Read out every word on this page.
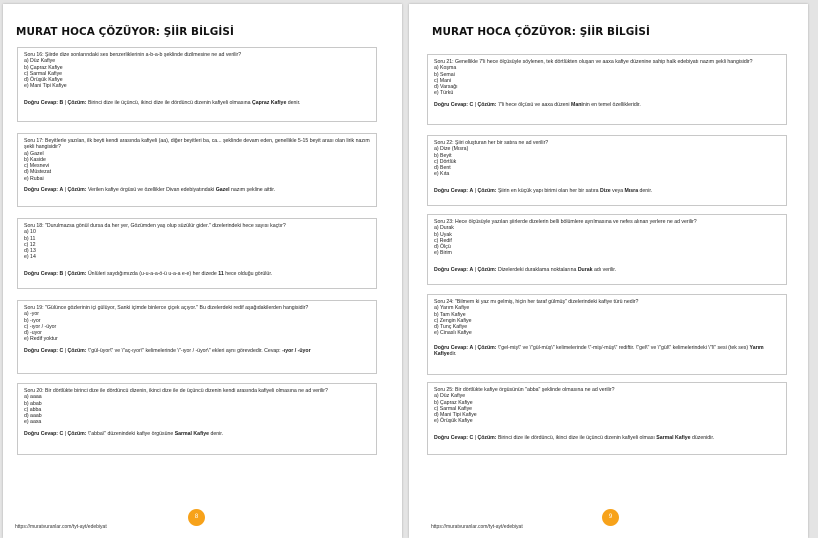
MURAT HOCA ÇÖZÜYOR: ŞİİR BİLGİSİ
Soru 16: Şiirde dize sonlarındaki ses benzerliklerinin a-b-a-b şeklinde dizilmesine ne ad verilir?
a) Düz Kafiye
b) Çapraz Kafiye
c) Sarmal Kafiye
d) Örüşük Kafiye
e) Mani Tipi Kafiye
Doğru Cevap: B | Çözüm: Birinci dize ile üçüncü, ikinci dize ile dördüncü dizenin kafiyeli olmasına Çapraz Kafiye denir.
Soru 17: Beyitlerle yazılan, ilk beyti kendi arasında kafiyeli (aa), diğer beyitleri ba, ca... şeklinde devam eden, genellikle 5-15 beyit arası olan lirik nazım şekli hangisidir?
a) Gazel
b) Kaside
c) Mesnevi
d) Müstezat
e) Rubai
Doğru Cevap: A | Çözüm: Verilen kafiye örgüsü ve özellikler Divan edebiyatındaki Gazel nazım şekline aittir.
Soru 18: "Durulmazsa gönül dursa da her yer, Gözümden yaş olup süzülür gider." dizelerindeki hece sayısı kaçtır?
a) 10
b) 11
c) 12
d) 13
e) 14
Doğru Cevap: B | Çözüm: Ünlüleri saydığımızda (u-u-a-a-ö-ü u-a-a e-e) her dizede 11 hece olduğu görülür.
Soru 19: "Gülünce gözlerinin içi gülüyor, Sanki içimde binlerce çiçek açıyor." Bu dizelerdeki redif aşağıdakilerden hangisidir?
a) -yor
b) -ıyor
c) -ıyor / -üyor
d) -uyor
e) Redif yoktur
Doğru Cevap: C | Çözüm: \"gül-üyor\" ve \"aç-ıyor\" kelimelerinde \"-ıyor / -üyor\" ekleri aynı görevdedir. Cevap: -ıyor / -üyor
Soru 20: Bir dörtlükte birinci dize ile dördüncü dizenin, ikinci dize ile de üçüncü dizenin kendi arasında kafiyeli olmasına ne ad verilir?
a) aaaa
b) abab
c) abba
d) aaab
e) aaxa
Doğru Cevap: C | Çözüm: \"abba\" düzenindeki kafiye örgüsüne Sarmal Kafiye denir.
8
https://muratvuranlar.com/tyt-ayt/edebiyat
MURAT HOCA ÇÖZÜYOR: ŞİİR BİLGİSİ
Soru 21: Genellikle 7'li hece ölçüsüyle söylenen, tek dörtlükten oluşan ve aaxa kafiye düzenine sahip halk edebiyatı nazım şekli hangisidir?
a) Koşma
b) Semai
c) Mani
d) Varsağı
e) Türkü
Doğru Cevap: C | Çözüm: 7'li hece ölçüsü ve aaxa düzeni Maninin en temel özellikleridir.
Soru 22: Şiiri oluşturan her bir satıra ne ad verilir?
a) Dize (Mısra)
b) Beyit
c) Dörtlük
d) Bent
e) Kıta
Doğru Cevap: A | Çözüm: Şiirin en küçük yapı birimi olan her bir satıra Dize veya Mısra denir.
Soru 23: Hece ölçüsüyle yazılan şiirlerde dizelerin belli bölümlere ayrılmasına ve nefes alınan yerlere ne ad verilir?
a) Durak
b) Uyak
c) Redif
d) Ölçü
e) Birim
Doğru Cevap: A | Çözüm: Dizelerdeki duraklama noktalarına Durak adı verilir.
Soru 24: "Bilmem ki yaz mı gelmiş, hiçin her taraf gülmüş" dizelerindeki kafiye türü nedir?
a) Yarım Kafiye
b) Tam Kafiye
c) Zengin Kafiye
d) Tunç Kafiye
e) Cinaslı Kafiye
Doğru Cevap: A | Çözüm: \"gel-miş\" ve \"gül-müş\" kelimelerinde \"-miş/-müş\" rediftir. \"gel\" ve \"gül\" kelimelerindeki \"l\" sesi (tek ses) Yarım Kafiyedir.
Soru 25: Bir dörtlükte kafiye örgüsünün "abba" şeklinde olmasına ne ad verilir?
a) Düz Kafiye
b) Çapraz Kafiye
c) Sarmal Kafiye
d) Mani Tipi Kafiye
e) Örüşük Kafiye
Doğru Cevap: C | Çözüm: Birinci dize ile dördüncü, ikinci dize ile üçüncü dizenin kafiyeli olması Sarmal Kafiye düzenidir.
9
https://muratvuranlar.com/tyt-ayt/edebiyat
